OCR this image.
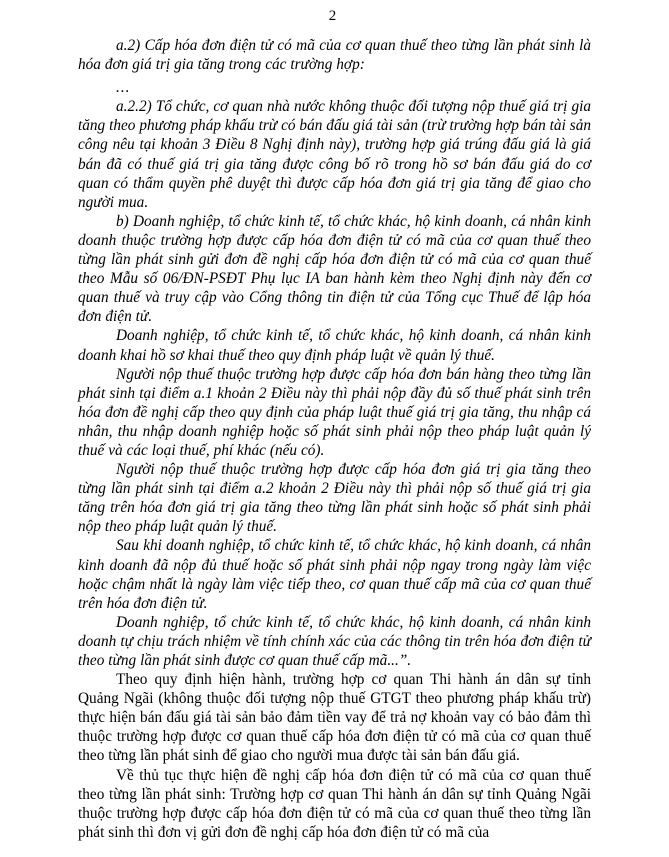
2

a.2) Cấp hóa đơn điện tử có mã của cơ quan thuế theo từng lần phát sinh là hóa đơn giá trị gia tăng trong các trường hợp:

...

a.2.2) Tổ chức, cơ quan nhà nước không thuộc đối tượng nộp thuế giá trị gia tăng theo phương pháp khấu trừ có bán đấu giá tài sản (trừ trường hợp bán tài sản công nêu tại khoản 3 Điều 8 Nghị định này), trường hợp giá trúng đấu giá là giá bán đã có thuế giá trị gia tăng được công bố rõ trong hồ sơ bán đấu giá do cơ quan có thẩm quyền phê duyệt thì được cấp hóa đơn giá trị gia tăng để giao cho người mua.

b) Doanh nghiệp, tổ chức kinh tế, tổ chức khác, hộ kinh doanh, cá nhân kinh doanh thuộc trường hợp được cấp hóa đơn điện tử có mã của cơ quan thuế theo từng lần phát sinh gửi đơn đề nghị cấp hóa đơn điện tử có mã của cơ quan thuế theo Mẫu số 06/ĐN-PSĐT Phụ lục IA ban hành kèm theo Nghị định này đến cơ quan thuế và truy cập vào Cổng thông tin điện tử của Tổng cục Thuế để lập hóa đơn điện tử.

Doanh nghiệp, tổ chức kinh tế, tổ chức khác, hộ kinh doanh, cá nhân kinh doanh khai hồ sơ khai thuế theo quy định pháp luật về quản lý thuế.

Người nộp thuế thuộc trường hợp được cấp hóa đơn bán hàng theo từng lần phát sinh tại điểm a.1 khoản 2 Điều này thì phải nộp đầy đủ số thuế phát sinh trên hóa đơn đề nghị cấp theo quy định của pháp luật thuế giá trị gia tăng, thu nhập cá nhân, thu nhập doanh nghiệp hoặc số phát sinh phải nộp theo pháp luật quản lý thuế và các loại thuế, phí khác (nếu có).

Người nộp thuế thuộc trường hợp được cấp hóa đơn giá trị gia tăng theo từng lần phát sinh tại điểm a.2 khoản 2 Điều này thì phải nộp số thuế giá trị gia tăng trên hóa đơn giá trị gia tăng theo từng lần phát sinh hoặc số phát sinh phải nộp theo pháp luật quản lý thuế.

Sau khi doanh nghiệp, tổ chức kinh tế, tổ chức khác, hộ kinh doanh, cá nhân kinh doanh đã nộp đủ thuế hoặc số phát sinh phải nộp ngay trong ngày làm việc hoặc chậm nhất là ngày làm việc tiếp theo, cơ quan thuế cấp mã của cơ quan thuế trên hóa đơn điện tử.

Doanh nghiệp, tổ chức kinh tế, tổ chức khác, hộ kinh doanh, cá nhân kinh doanh tự chịu trách nhiệm về tính chính xác của các thông tin trên hóa đơn điện tử theo từng lần phát sinh được cơ quan thuế cấp mã...”.

Theo quy định hiện hành, trường hợp cơ quan Thi hành án dân sự tỉnh Quảng Ngãi (không thuộc đối tượng nộp thuế GTGT theo phương pháp khấu trừ) thực hiện bán đấu giá tài sản bảo đảm tiền vay để trả nợ khoản vay có bảo đảm thì thuộc trường hợp được cơ quan thuế cấp hóa đơn điện tử có mã của cơ quan thuế theo từng lần phát sinh để giao cho người mua được tài sản bán đấu giá.

Về thủ tục thực hiện đề nghị cấp hóa đơn điện tử có mã của cơ quan thuế theo từng lần phát sinh: Trường hợp cơ quan Thi hành án dân sự tỉnh Quảng Ngãi thuộc trường hợp được cấp hóa đơn điện tử có mã của cơ quan thuế theo từng lần phát sinh thì đơn vị gửi đơn đề nghị cấp hóa đơn điện tử có mã của
